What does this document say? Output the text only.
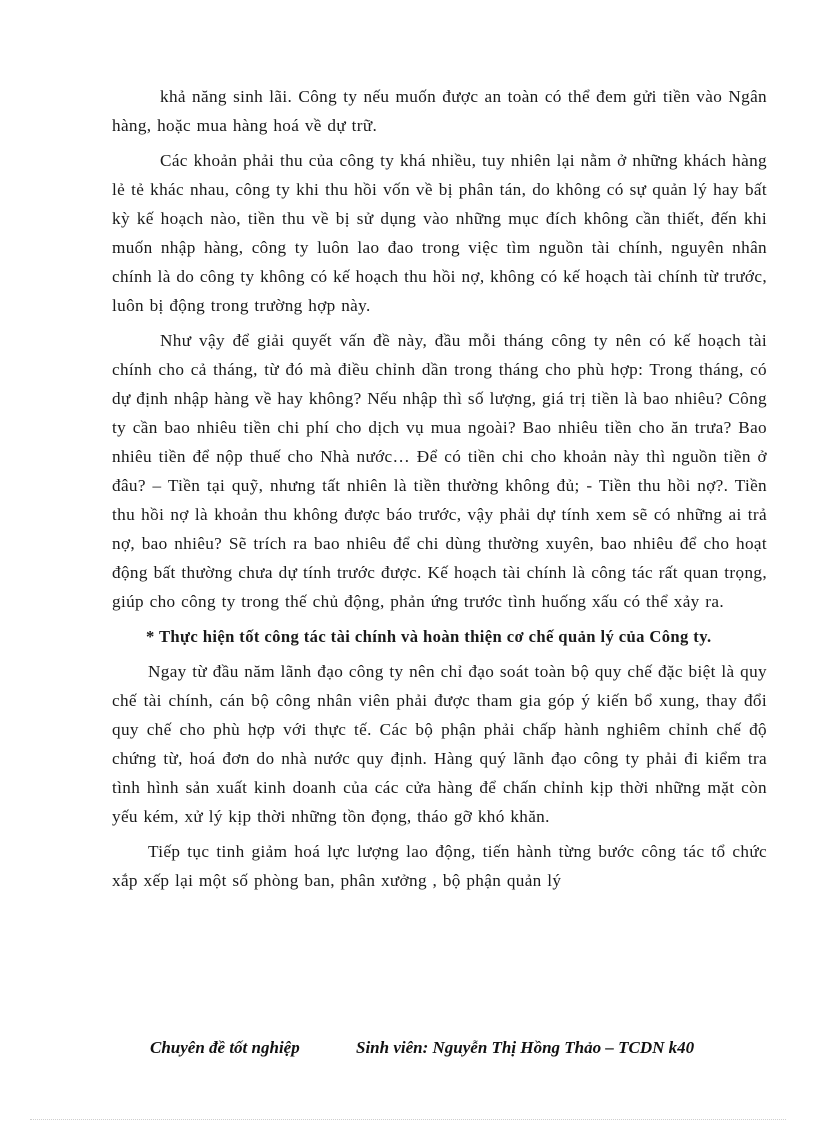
khả năng sinh lãi. Công ty nếu muốn được an toàn có thể đem gửi tiền vào Ngân hàng, hoặc mua hàng hoá về dự trữ.

Các khoản phải thu của công ty khá nhiều, tuy nhiên lại nằm ở những khách hàng lẻ tẻ khác nhau, công ty khi thu hồi vốn về bị phân tán, do không có sự quản lý hay bất kỳ kế hoạch nào, tiền thu về bị sử dụng vào những mục đích không cần thiết, đến khi muốn nhập hàng, công ty luôn lao đao trong việc tìm nguồn tài chính, nguyên nhân chính là do công ty không có kế hoạch thu hồi nợ, không có kế hoạch tài chính từ trước, luôn bị động trong trường hợp này.

Như vậy để giải quyết vấn đề này, đầu mỗi tháng công ty nên có kế hoạch tài chính cho cả tháng, từ đó mà điều chỉnh dần trong tháng cho phù hợp: Trong tháng, có dự định nhập hàng về hay không? Nếu nhập thì số lượng, giá trị tiền là bao nhiêu? Công ty cần bao nhiêu tiền chi phí cho dịch vụ mua ngoài? Bao nhiêu tiền cho ăn trưa? Bao nhiêu tiền để nộp thuế cho Nhà nước… Để có tiền chi cho khoản này thì nguồn tiền ở đâu? – Tiền tại quỹ, nhưng tất nhiên là tiền thường không đủ; - Tiền thu hồi nợ?. Tiền thu hồi nợ là khoản thu không được báo trước, vậy phải dự tính xem sẽ có những ai trả nợ, bao nhiêu? Sẽ trích ra bao nhiêu để chi dùng thường xuyên, bao nhiêu để cho hoạt động bất thường chưa dự tính trước được. Kế hoạch tài chính là công tác rất quan trọng, giúp cho công ty trong thế chủ động, phản ứng trước tình huống xấu có thể xảy ra.

* Thực hiện tốt công tác tài chính và hoàn thiện cơ chế quản lý của Công ty.

Ngay từ đầu năm lãnh đạo công ty nên chỉ đạo soát toàn bộ quy chế đặc biệt là quy chế tài chính, cán bộ công nhân viên phải được tham gia góp ý kiến bổ xung, thay đổi quy chế cho phù hợp với thực tế. Các bộ phận phải chấp hành nghiêm chỉnh chế độ chứng từ, hoá đơn do nhà nước quy định. Hàng quý lãnh đạo công ty phải đi kiểm tra tình hình sản xuất kinh doanh của các cửa hàng để chấn chỉnh kịp thời những mặt còn yếu kém, xử lý kịp thời những tồn đọng, tháo gỡ khó khăn.

Tiếp tục tinh giảm hoá lực lượng lao động, tiến hành từng bước công tác tổ chức xắp xếp lại một số phòng ban, phân xưởng , bộ phận quản lý

Chuyên đề tốt nghiệp	Sinh viên: Nguyễn Thị Hồng Thảo – TCDN k40
